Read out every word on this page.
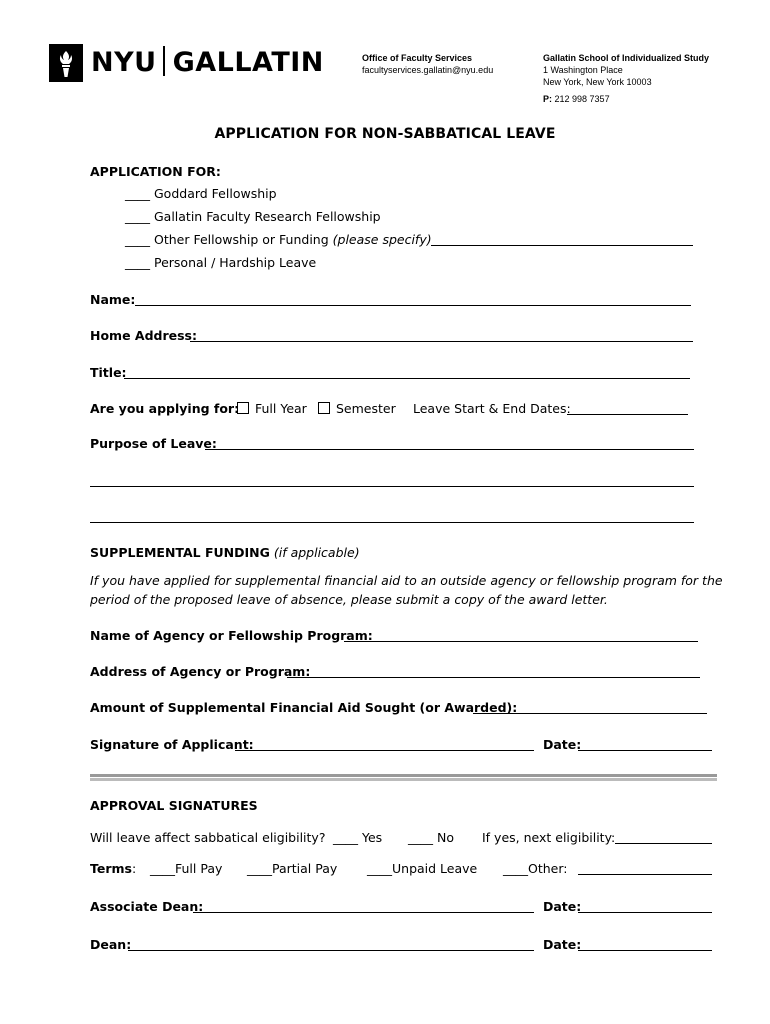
NYU GALLATIN	Office of Faculty Services
facultyservices.gallatin@nyu.edu
Gallatin School of Individualized Study
1 Washington Place
New York, New York 10003
P: 212 998 7357
APPLICATION FOR NON-SABBATICAL LEAVE
APPLICATION FOR:
____ Goddard Fellowship
____ Gallatin Faculty Research Fellowship
____ Other Fellowship or Funding (please specify)
____ Personal / Hardship Leave
Name:
Home Address:
Title:
Are you applying for:	Full Year	Semester Leave Start & End Dates:
Purpose of Leave:
SUPPLEMENTAL FUNDING (if applicable)
If you have applied for supplemental financial aid to an outside agency or fellowship program for the period of the proposed leave of absence, please submit a copy of the award letter.
Name of Agency or Fellowship Program:
Address of Agency or Program:
Amount of Supplemental Financial Aid Sought (or Awarded):
Signature of Applicant:	Date:
APPROVAL SIGNATURES
Will leave affect sabbatical eligibility? ____ Yes ____ No If yes, next eligibility:
Terms: ____Full Pay ____Partial Pay ____Unpaid Leave ____Other:
Associate Dean:	Date:
Dean:	Date:
